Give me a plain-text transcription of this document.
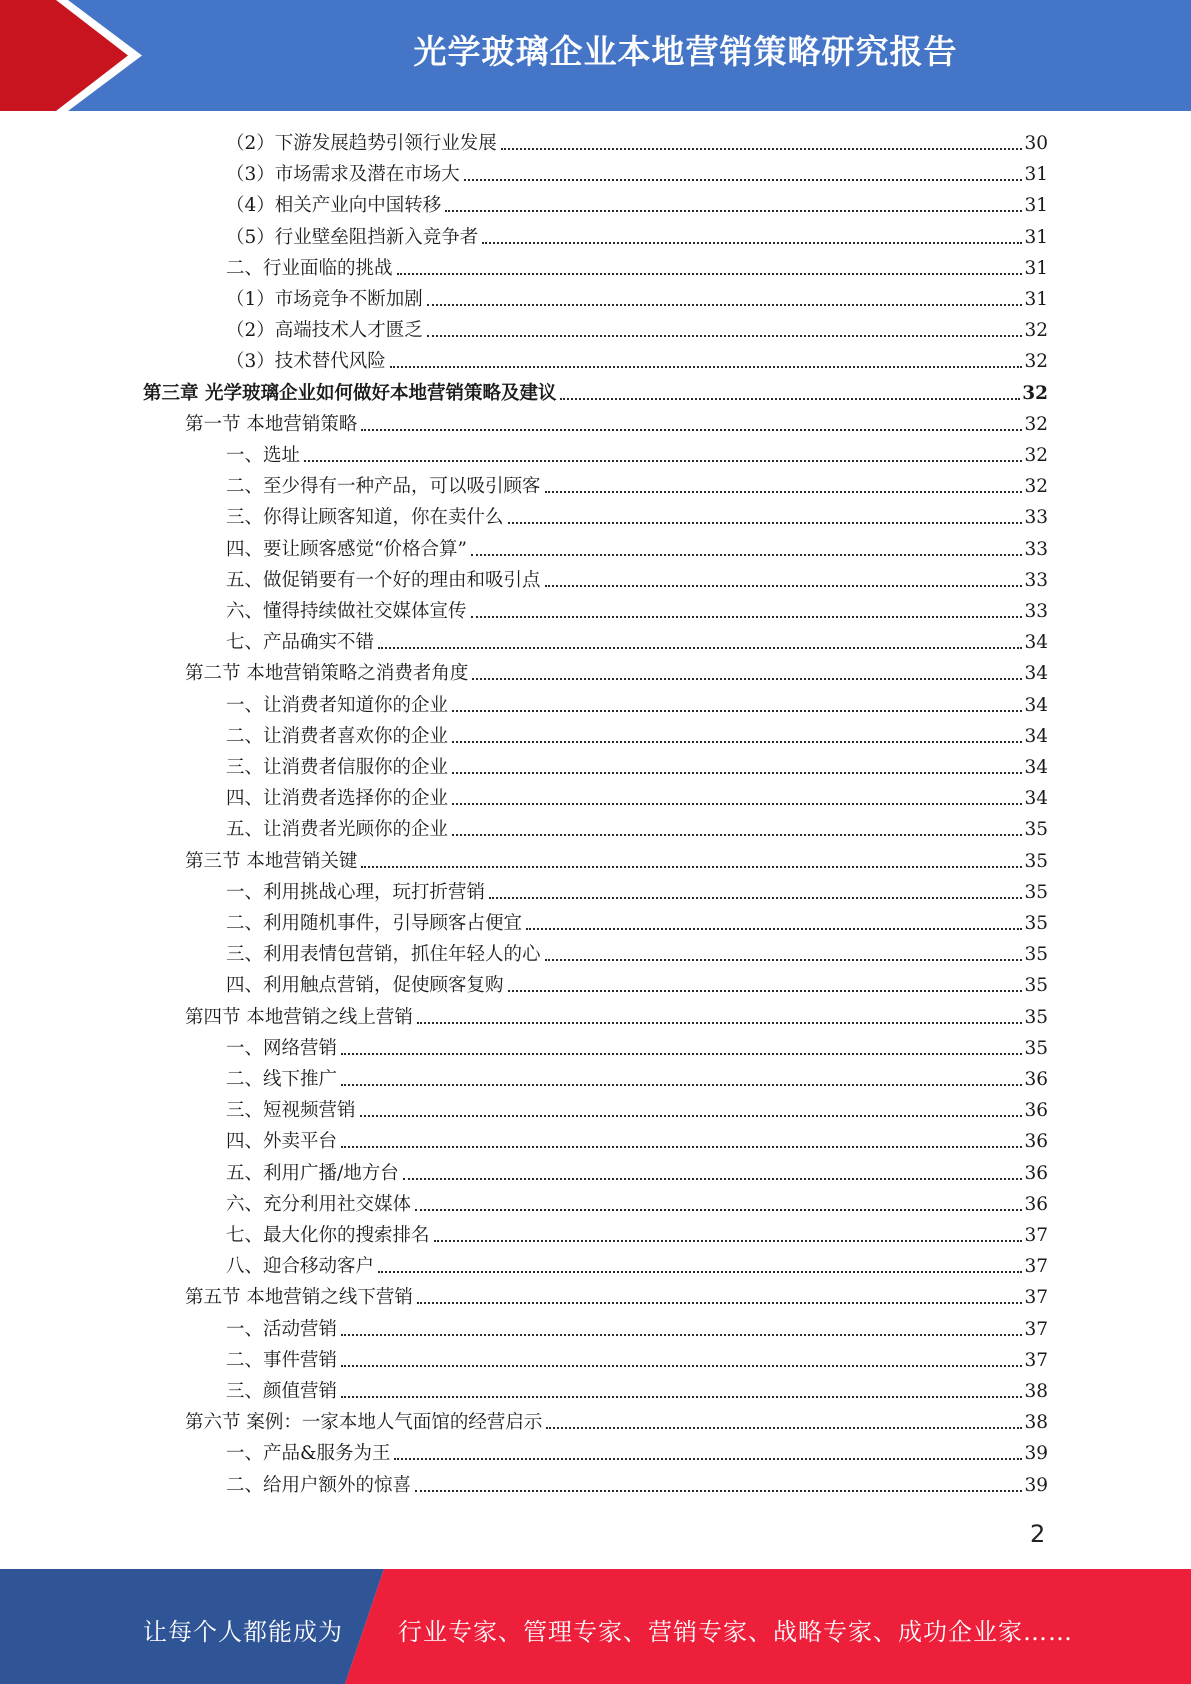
光学玻璃企业本地营销策略研究报告
（2）下游发展趋势引领行业发展	30
（3）市场需求及潜在市场大	31
（4）相关产业向中国转移	31
（5）行业壁垒阻挡新入竞争者	31
二、行业面临的挑战	31
（1）市场竞争不断加剧	31
（2）高端技术人才匮乏	32
（3）技术替代风险	32
第三章 光学玻璃企业如何做好本地营销策略及建议	32
第一节 本地营销策略	32
一、选址	32
二、至少得有一种产品，可以吸引顾客	32
三、你得让顾客知道，你在卖什么	33
四、要让顾客感觉“价格合算”	33
五、做促销要有一个好的理由和吸引点	33
六、懂得持续做社交媒体宣传	33
七、产品确实不错	34
第二节 本地营销策略之消费者角度	34
一、让消费者知道你的企业	34
二、让消费者喜欢你的企业	34
三、让消费者信服你的企业	34
四、让消费者选择你的企业	34
五、让消费者光顾你的企业	35
第三节 本地营销关键	35
一、利用挑战心理，玩打折营销	35
二、利用随机事件，引导顾客占便宜	35
三、利用表情包营销，抓住年轻人的心	35
四、利用触点营销，促使顾客复购	35
第四节 本地营销之线上营销	35
一、网络营销	35
二、线下推广	36
三、短视频营销	36
四、外卖平台	36
五、利用广播/地方台	36
六、充分利用社交媒体	36
七、最大化你的搜索排名	37
八、迎合移动客户	37
第五节 本地营销之线下营销	37
一、活动营销	37
二、事件营销	37
三、颜值营销	38
第六节 案例：一家本地人气面馆的经营启示	38
一、产品&服务为王	39
二、给用户额外的惊喜	39
2
让每个人都能成为 行业专家、管理专家、营销专家、战略专家、成功企业家……
